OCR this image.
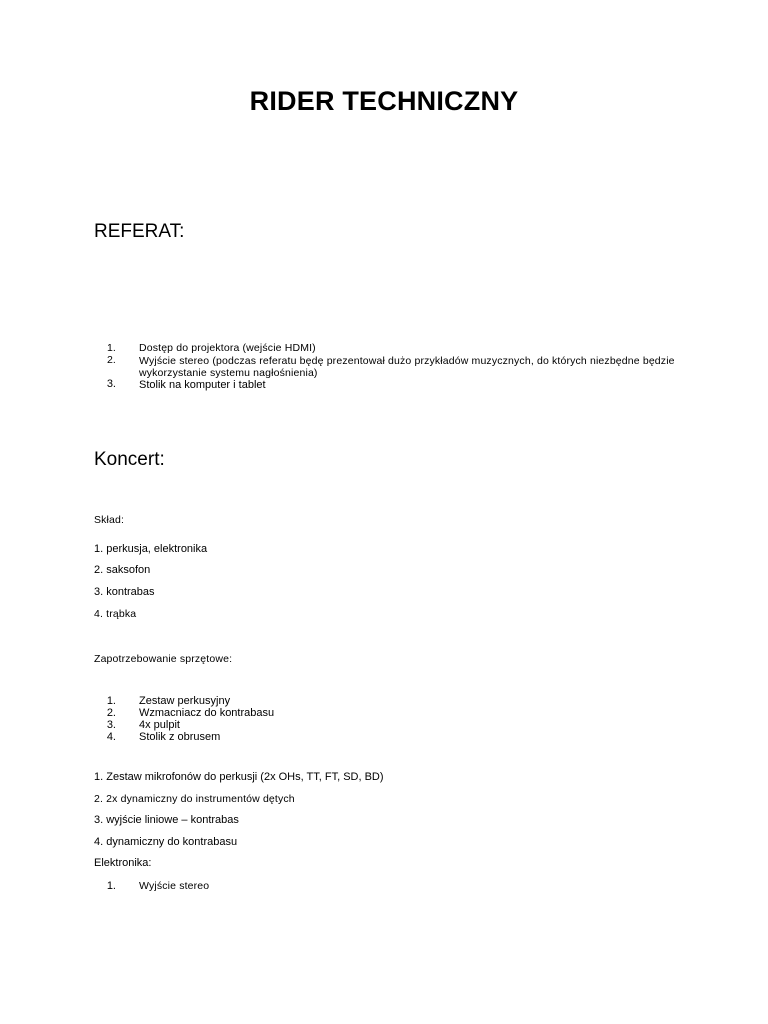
RIDER TECHNICZNY
REFERAT:
1. Dostęp do projektora (wejście HDMI)
2. Wyjście stereo (podczas referatu będę prezentował dużo przykładów muzycznych, do których niezbędne będzie
wykorzystanie systemu nagłośnienia)
3. Stolik na komputer i tablet
Koncert:
Skład:
1. perkusja, elektronika
2. saksofon
3. kontrabas
4. trąbka
Zapotrzebowanie sprzętowe:
1. Zestaw perkusyjny
2. Wzmacniacz do kontrabasu
3. 4x pulpit
4. Stolik z obrusem
1. Zestaw mikrofonów do perkusji (2x OHs, TT, FT, SD, BD)
2. 2x dynamiczny do instrumentów dętych
3. wyjście liniowe – kontrabas
4. dynamiczny do kontrabasu
Elektronika:
1. Wyjście stereo
